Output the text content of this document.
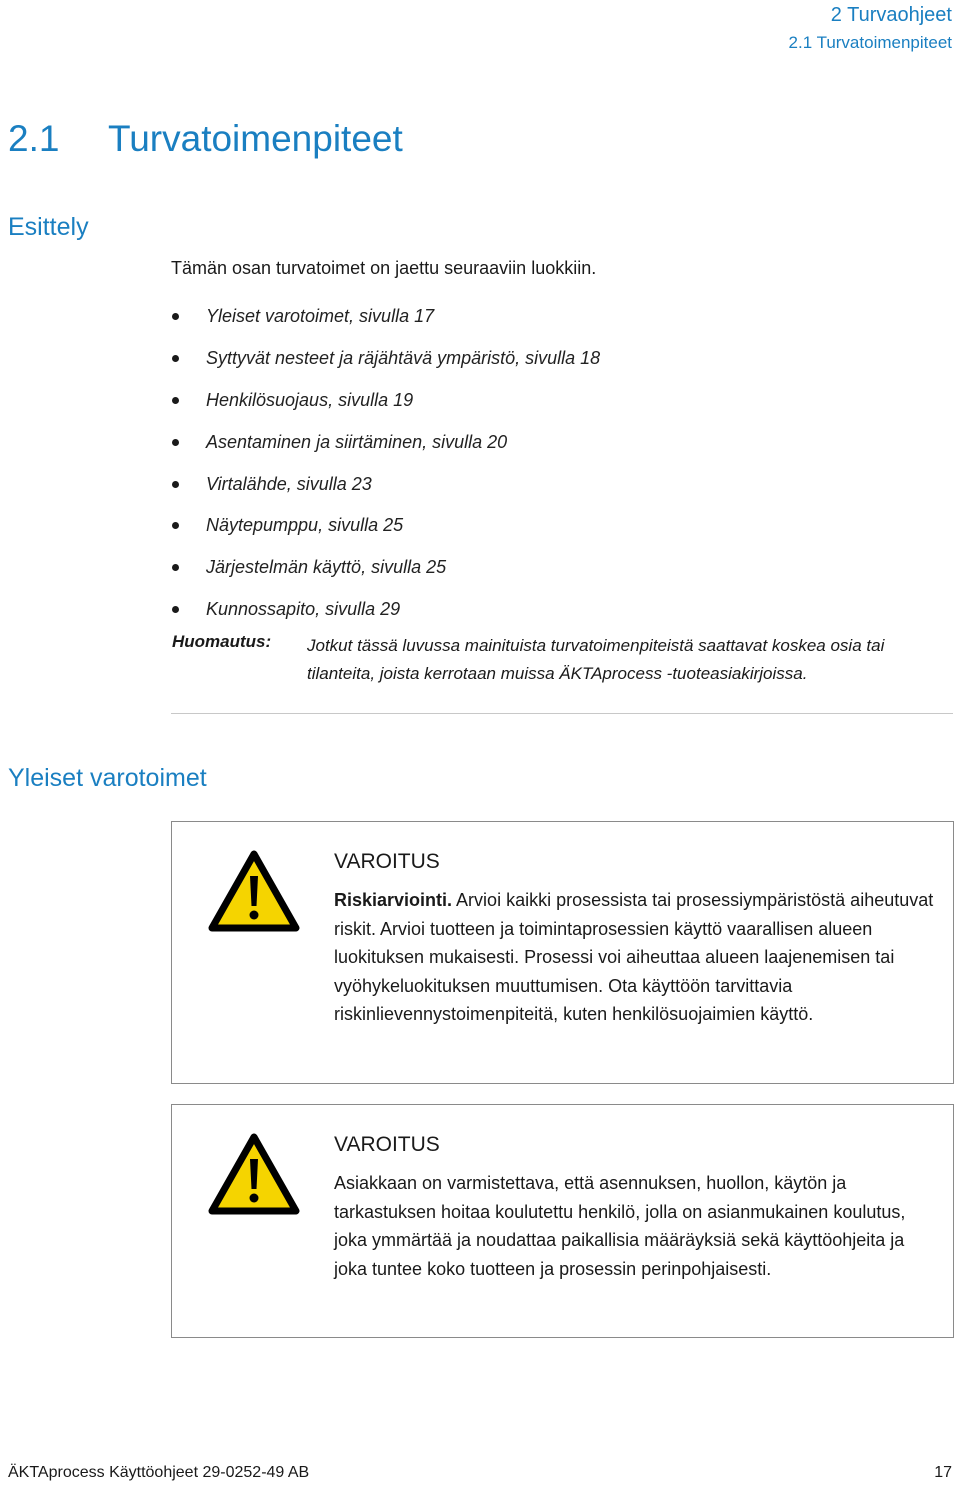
2 Turvaohjeet
2.1 Turvatoimenpiteet
2.1 Turvatoimenpiteet
Esittely
Tämän osan turvatoimet on jaettu seuraaviin luokkiin.
Yleiset varotoimet, sivulla 17
Syttyvät nesteet ja räjähtävä ympäristö, sivulla 18
Henkilösuojaus, sivulla 19
Asentaminen ja siirtäminen, sivulla 20
Virtalähde, sivulla 23
Näytepumppu, sivulla 25
Järjestelmän käyttö, sivulla 25
Kunnossapito, sivulla 29
Huomautus: Jotkut tässä luvussa mainituista turvatoimenpiteistä saattavat koskea osia tai tilanteita, joista kerrotaan muissa ÄKTAprocess -tuoteasiakirjoissa.
Yleiset varotoimet
VAROITUS
Riskiarviointi. Arvioi kaikki prosessista tai prosessiympäristöstä aiheutuvat riskit. Arvioi tuotteen ja toimintaprosessien käyttö vaarallisen alueen luokituksen mukaisesti. Prosessi voi aiheuttaa alueen laajenemisen tai vyöhykeluokituksen muuttumisen. Ota käyttöön tarvittavia riskinlievennystoimenpiteitä, kuten henkilösuojaimien käyttö.
VAROITUS
Asiakkaan on varmistettava, että asennuksen, huollon, käytön ja tarkastuksen hoitaa koulutettu henkilö, jolla on asianmukainen koulutus, joka ymmärtää ja noudattaa paikallisia määräyksiä sekä käyttöohjeita ja joka tuntee koko tuotteen ja prosessin perinpohjaisesti.
ÄKTAprocess Käyttöohjeet 29-0252-49 AB	17
